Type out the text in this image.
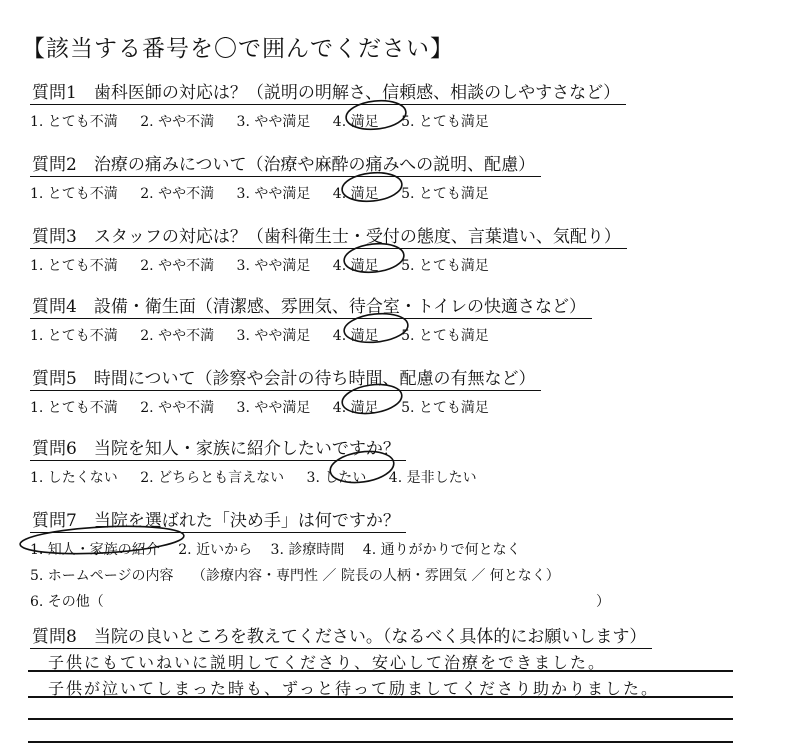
【該当する番号を〇で囲んでください】
質問1　歯科医師の対応は？（説明の明解さ、信頼感、相談のしやすさなど）
1. とても不満 2. やや不満 3. やや満足 4. 満足 5. とても満足
質問2　治療の痛みについて（治療や麻酔の痛みへの説明、配慮）
1. とても不満 2. やや不満 3. やや満足 4. 満足 5. とても満足
質問3　スタッフの対応は？（歯科衛生士・受付の態度、言葉遣い、気配り）
1. とても不満 2. やや不満 3. やや満足 4. 満足 5. とても満足
質問4　設備・衛生面（清潔感、雰囲気、待合室・トイレの快適さなど）
1. とても不満 2. やや不満 3. やや満足 4. 満足 5. とても満足
質問5　時間について（診察や会計の待ち時間、配慮の有無など）
1. とても不満 2. やや不満 3. やや満足 4. 満足 5. とても満足
質問6　当院を知人・家族に紹介したいですか？
1. したくない 2. どちらとも言えない 3. したい 4. 是非したい
質問7　当院を選ばれた「決め手」は何ですか？
1. 知人・家族の紹介 2. 近いから 3. 診療時間 4. 通りがかりで何となく
5. ホームページの内容 （診療内容・専門性 ／ 院長の人柄・雰囲気 ／ 何となく）
6. その他（	）
質問8　当院の良いところを教えてください。（なるべく具体的にお願いします）
子供にもていねいに説明してくださり、安心して治療をできました。
子供が泣いてしまった時も、ずっと待って励ましてくださり助かりました。
